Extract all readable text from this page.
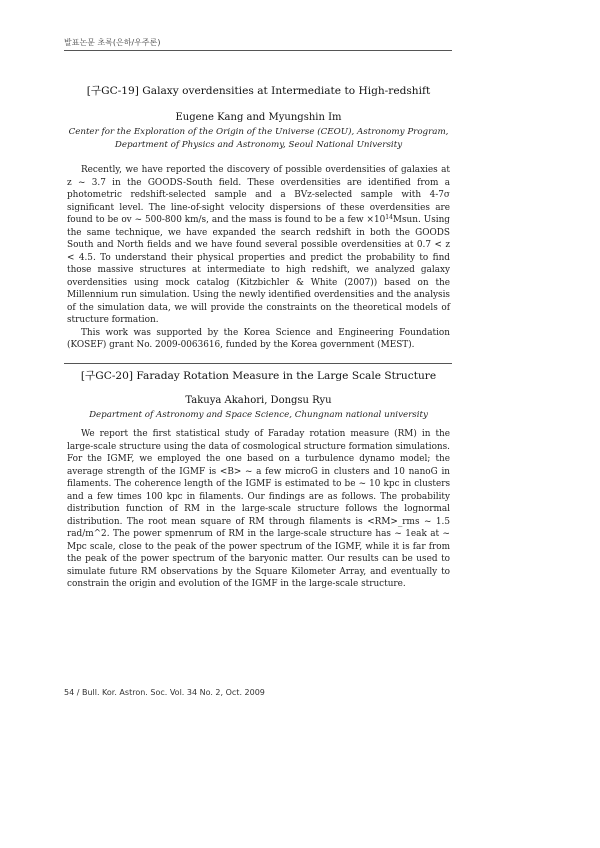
발표논문 초록(은하/우주론)

[구GC-19] Galaxy overdensities at Intermediate to High-redshift

Eugene Kang and Myungshin Im

Center for the Exploration of the Origin of the Universe (CEOU), Astronomy Program,

Department of Physics and Astronomy, Seoul National University

Recently, we have reported the discovery of possible overdensities of galaxies at z ~ 3.7 in the GOODS-South field. These overdensities are identified from a photometric redshift-selected sample and a BVz-selected sample with 4-7σ significant level. The line-of-sight velocity dispersions of these overdensities are found to be ov ~ 500-800 km/s, and the mass is found to be a few $\times 10^{14}Msun$. Using the same technique, we have expanded the search redshift in both the GOODS South and North fields and we have found several possible overdensities at 0.7 < z < 4.5. To understand their physical properties and predict the probability to find those massive structures at intermediate to high redshift, we analyzed galaxy overdensities using mock catalog (Kitzbichler & White (2007)) based on the Millennium run simulation. Using the newly identified overdensities and the analysis of the simulation data, we will provide the constraints on the theoretical models of structure formation.

This work was supported by the Korea Science and Engineering Foundation (KOSEF) grant No. 2009-0063616, funded by the Korea government (MEST).

[구GC-20] Faraday Rotation Measure in the Large Scale Structure

Takuya Akahori, Dongsu Ryu

Department of Astronomy and Space Science, Chungnam national university

We report the first statistical study of Faraday rotation measure (RM) in the large-scale structure using the data of cosmological structure formation simulations. For the IGMF, we employed the one based on a turbulence dynamo model; the average strength of the IGMF is <B> ~ a few microG in clusters and 10 nanoG in filaments. The coherence length of the IGMF is estimated to be ~ 10 kpc in clusters and a few times 100 kpc in filaments. Our findings are as follows. The probability distribution function of RM in the large-scale structure follows the lognormal distribution. The root mean square of RM through filaments is <RM>_rms ~ 1.5 rad/m^2. The power spmenrum of RM in the large-scale structure has ~ 1eak at ~ Mpc scale, close to the peak of the power spectrum of the IGMF, while it is far from the peak of the power spectrum of the baryonic matter. Our results can be used to simulate future RM observations by the Square Kilometer Array, and eventually to constrain the origin and evolution of the IGMF in the large-scale structure.

54 / Bull. Kor. Astron. Soc. Vol. 34 No. 2, Oct. 2009
